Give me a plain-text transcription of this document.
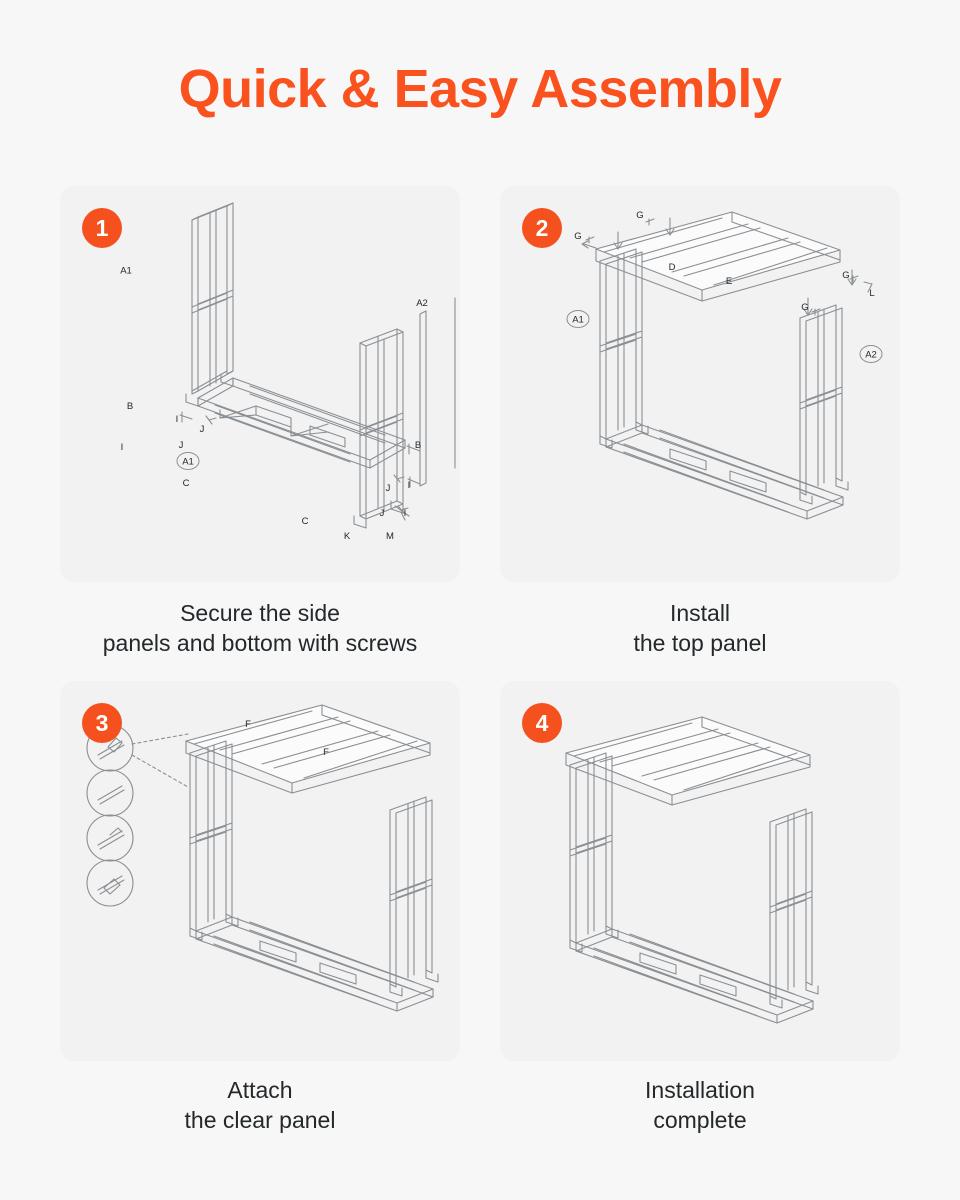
Quick & Easy Assembly
1
A1
A1
A2
B
B
C
C
I
I
I
I
J
J
J
J
K	M
Secure the side
panels and bottom with screws
2
A1
A2
D
E
G
G
G
G
L
Install
the top panel
3	F
F
Attach
the clear panel
4
Installation
complete
